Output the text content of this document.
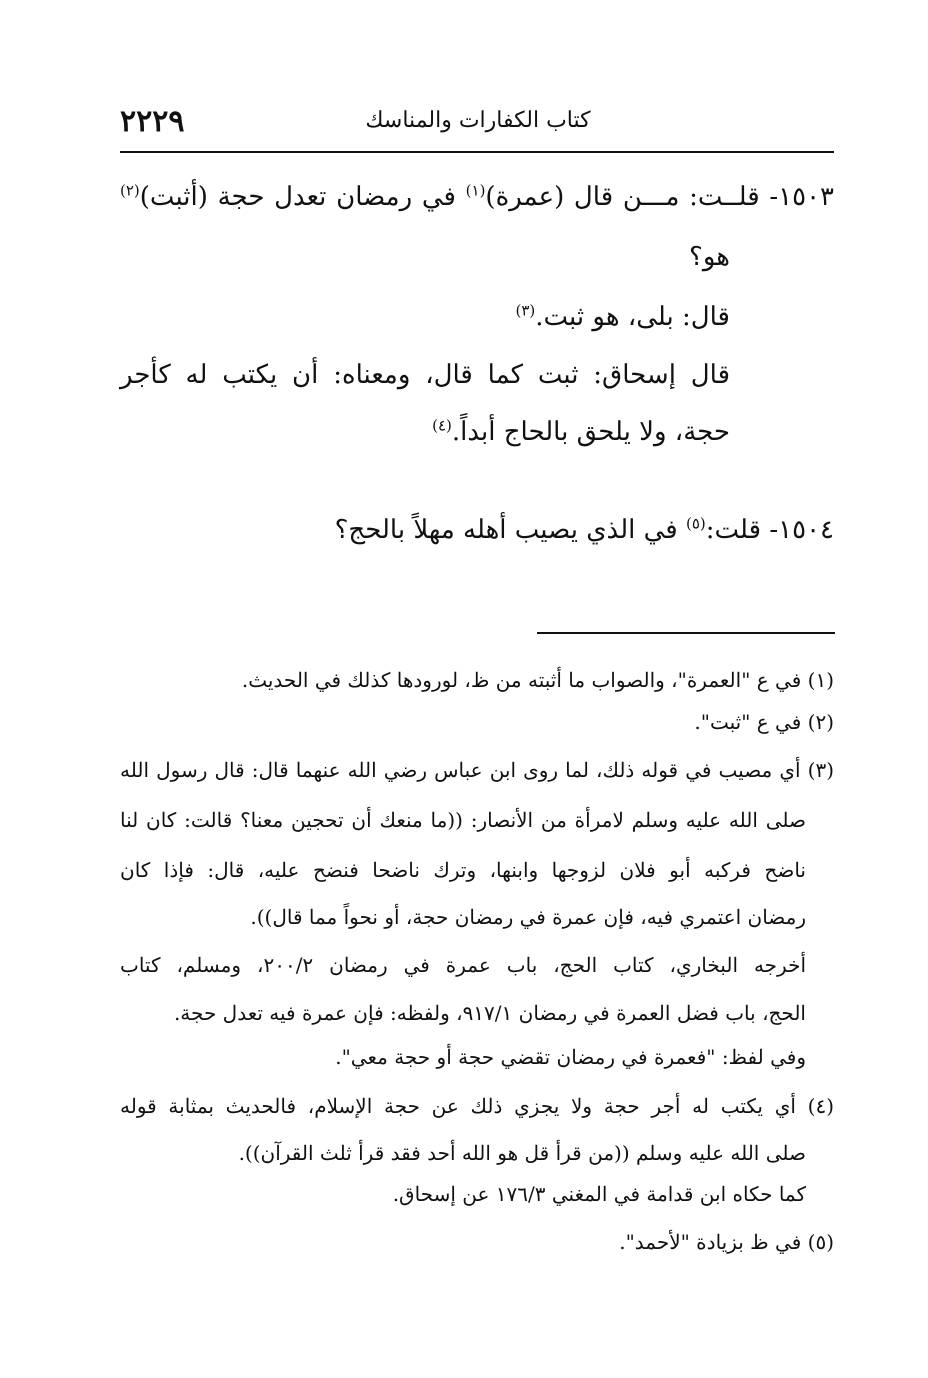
كتاب الكفارات والمناسك
٢٢٢٩
١٥٠٣- قلــت: مـــن قال (عمرة)$^{(١)}$ في رمضان تعدل حجة (أثبت)$^{(٢)}$
هو؟
قال: بلى، هو ثبت.$^{(٣)}$
قال إسحاق: ثبت كما قال، ومعناه: أن يكتب له كأجر
حجة، ولا يلحق بالحاج أبداً.$^{(٤)}$
١٥٠٤- قلت:$^{(٥)}$ في الذي يصيب أهله مهلاً بالحج؟
(١) في ع "العمرة"، والصواب ما أثبته من ظ، لورودها كذلك في الحديث.
(٢) في ع "ثبت".
(٣) أي مصيب في قوله ذلك، لما روى ابن عباس رضي الله عنهما قال: قال رسول الله
صلى الله عليه وسلم لامرأة من الأنصار: ((ما منعك أن تحجين معنا؟ قالت: كان لنا
ناضح فركبه أبو فلان لزوجها وابنها، وترك ناضحا فنضح عليه، قال: فإذا كان
رمضان اعتمري فيه، فإن عمرة في رمضان حجة، أو نحواً مما قال)).
أخرجه البخاري، كتاب الحج، باب عمرة في رمضان ٢٠٠/٢، ومسلم، كتاب
الحج، باب فضل العمرة في رمضان ٩١٧/١، ولفظه: فإن عمرة فيه تعدل حجة.
وفي لفظ: "فعمرة في رمضان تقضي حجة أو حجة معي".
(٤) أي يكتب له أجر حجة ولا يجزي ذلك عن حجة الإسلام، فالحديث بمثابة قوله
صلى الله عليه وسلم ((من قرأ قل هو الله أحد فقد قرأ ثلث القرآن)).
كما حكاه ابن قدامة في المغني ١٧٦/٣ عن إسحاق.
(٥) في ظ بزيادة "لأحمد".
